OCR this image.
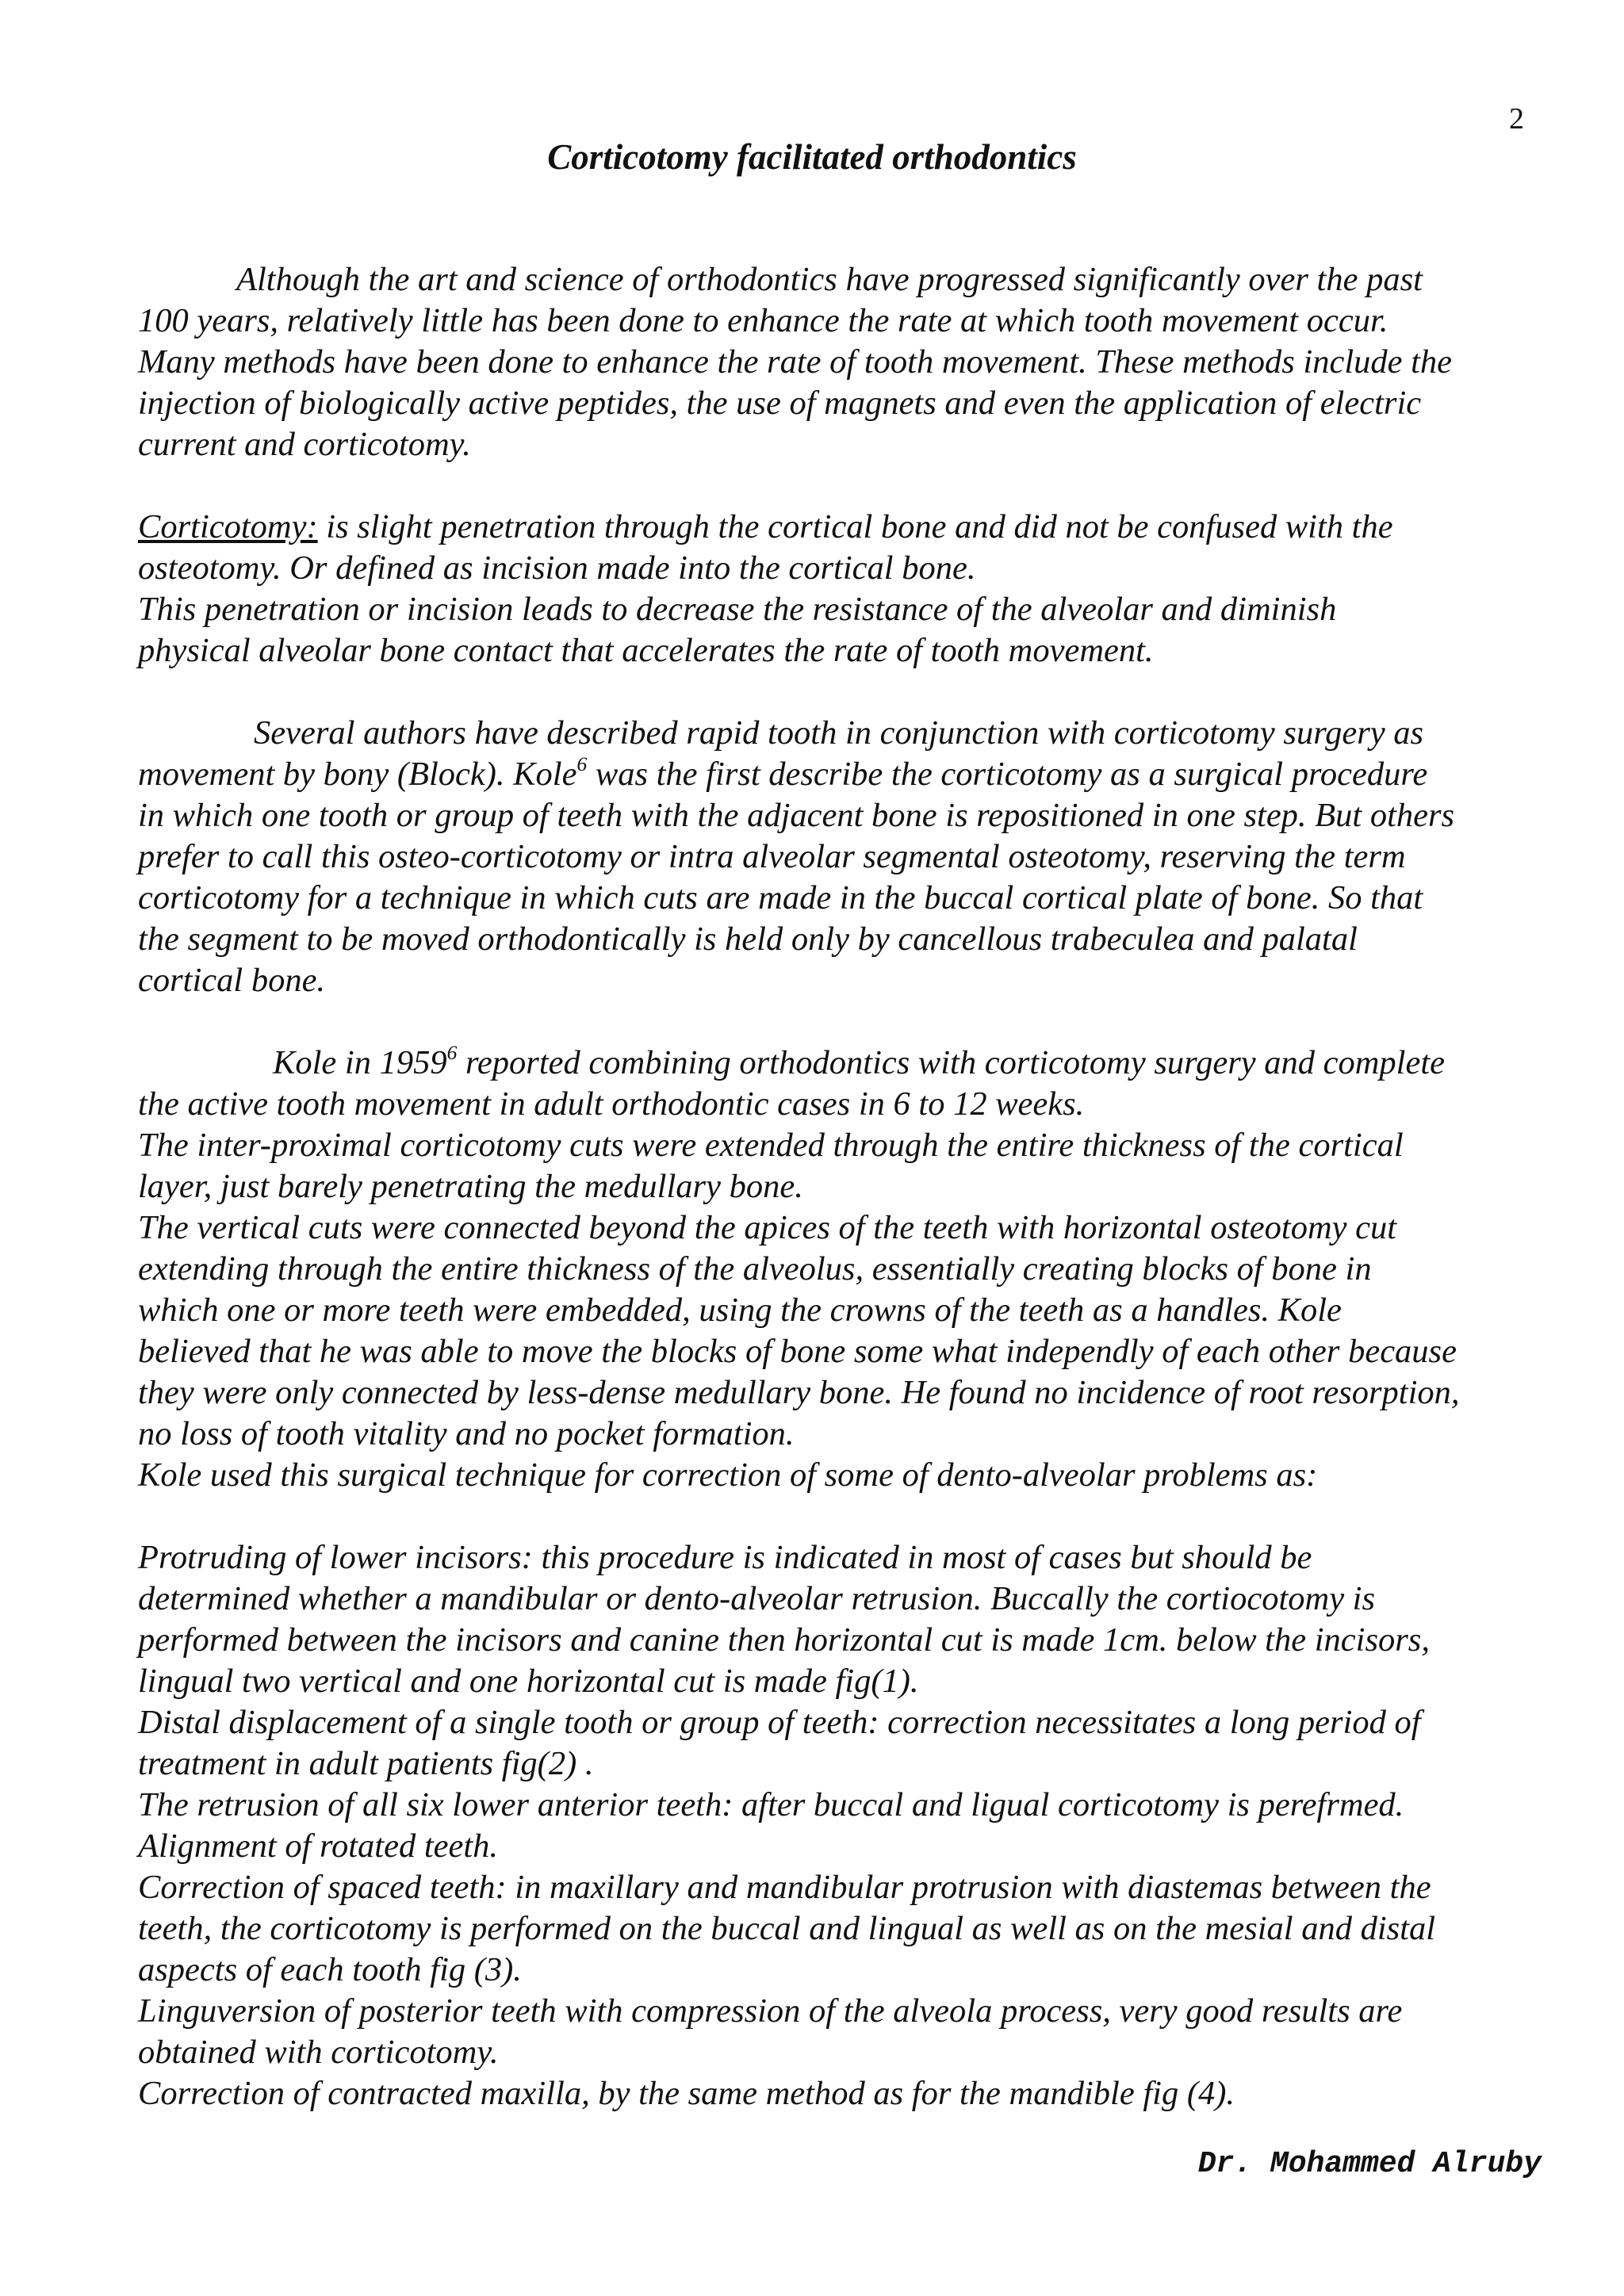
2
Corticotomy facilitated orthodontics

Although the art and science of orthodontics have progressed significantly over the past
100 years, relatively little has been done to enhance the rate at which tooth movement occur.
Many methods have been done to enhance the rate of tooth movement. These methods include the
injection of biologically active peptides, the use of magnets and even the application of electric
current and corticotomy.

Corticotomy: is slight penetration through the cortical bone and did not be confused with the
osteotomy. Or defined as incision made into the cortical bone.
This penetration or incision leads to decrease the resistance of the alveolar and diminish
physical alveolar bone contact that accelerates the rate of tooth movement.

Several authors have described rapid tooth in conjunction with corticotomy surgery as
movement by bony (Block). Kole$^6$ was the first describe the corticotomy as a surgical procedure
in which one tooth or group of teeth with the adjacent bone is repositioned in one step. But others
prefer to call this osteo-corticotomy or intra alveolar segmental osteotomy, reserving the term
corticotomy for a technique in which cuts are made in the buccal cortical plate of bone. So that
the segment to be moved orthodontically is held only by cancellous trabeculea and palatal
cortical bone.

Kole in 1959$^6$ reported combining orthodontics with corticotomy surgery and complete
the active tooth movement in adult orthodontic cases in 6 to 12 weeks.
The inter-proximal corticotomy cuts were extended through the entire thickness of the cortical
layer, just barely penetrating the medullary bone.
The vertical cuts were connected beyond the apices of the teeth with horizontal osteotomy cut
extending through the entire thickness of the alveolus, essentially creating blocks of bone in
which one or more teeth were embedded, using the crowns of the teeth as a handles. Kole
believed that he was able to move the blocks of bone some what independly of each other because
they were only connected by less-dense medullary bone. He found no incidence of root resorption,
no loss of tooth vitality and no pocket formation.
Kole used this surgical technique for correction of some of dento-alveolar problems as:

Protruding of lower incisors: this procedure is indicated in most of cases but should be
determined whether a mandibular or dento-alveolar retrusion. Buccally the cortiocotomy is
performed between the incisors and canine then horizontal cut is made 1cm. below the incisors,
lingual two vertical and one horizontal cut is made fig(1).
Distal displacement of a single tooth or group of teeth: correction necessitates a long period of
treatment in adult patients fig(2) .
The retrusion of all six lower anterior teeth: after buccal and ligual corticotomy is perefrmed.
Alignment of rotated teeth.
Correction of spaced teeth: in maxillary and mandibular protrusion with diastemas between the
teeth, the corticotomy is performed on the buccal and lingual as well as on the mesial and distal
aspects of each tooth fig (3).
Linguversion of posterior teeth with compression of the alveola process, very good results are
obtained with corticotomy.
Correction of contracted maxilla, by the same method as for the mandible fig (4).

Dr. Mohammed Alruby
